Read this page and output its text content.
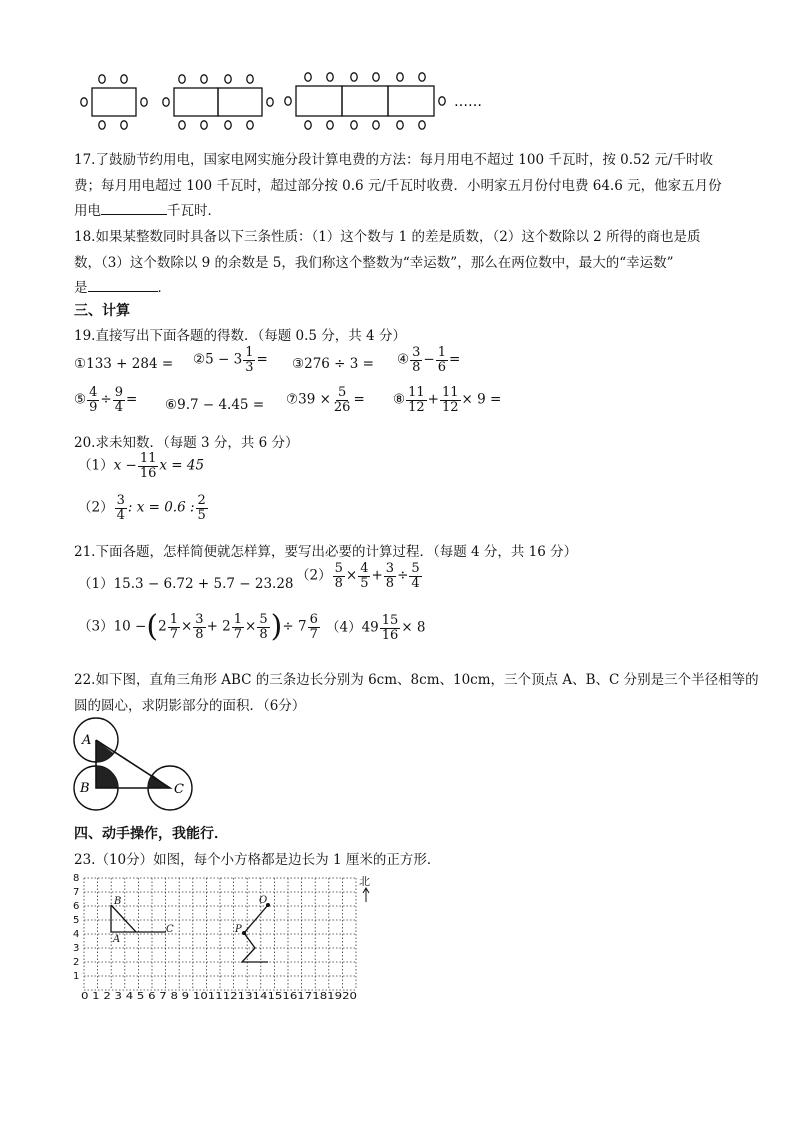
……
17.了鼓励节约用电，国家电网实施分段计算电费的方法：每月用电不超过 100 千瓦时，按 0.52 元/千时收
费；每月用电超过 100 千瓦时，超过部分按 0.6 元/千瓦时收费．小明家五月份付电费 64.6 元，他家五月份
用电	千瓦时．
18.如果某整数同时具备以下三条性质：（1）这个数与 1 的差是质数，（2）这个数除以 2 所得的商也是质
数，（3）这个数除以 9 的余数是 5，我们称这个整数为“幸运数”，那么在两位数中，最大的“幸运数”
是	．
三、计算
19.直接写出下面各题的得数．（每题 0.5 分，共 4 分）
①133 + 284 = ②5 − $3 \frac{1}{3}$ = ③276 ÷ 3 = ④ $\frac{3}{8} - \frac{1}{6}$ =
⑤ $\frac{4}{9} \div \frac{9}{4}$ = ⑥9.7 − 4.45 = ⑦39 × $\frac{5}{26}$ = ⑧ $\frac{11}{12} + \frac{11}{12} \times 9$ =
20.求未知数．（每题 3 分，共 6 分）
$(1)x - \frac{11}{16}$ x = 45
$(2) \frac{3}{4}$ : x = 0.6 : $\frac{2}{5}$
21.下面各题，怎样简便就怎样算，要写出必要的计算过程．（每题 4 分，共 16 分）
（1）15.3 − 6.72 + 5.7 − 23.28
$(2) \frac{5}{8} \times \frac{4}{5} + \frac{3}{8} \div \frac{5}{4}$
$(3)10 -(2 \frac{1}{7} \times \frac{3}{8} + 2 \frac{1}{7} \times \frac{5}{8}$ )÷ $7 \frac{6}{7} (4)49 \frac{15}{16} \times 8$
22.如下图，直角三角形 ABC 的三条边长分别为 6cm、8cm、10cm，三个顶点 A、B、C 分别是三个半径相等的
圆的圆心，求阴影部分的面积．（6分）
A
B	C
四、动手操作，我能行．
23.（10分）如图，每个小方格都是边长为 1 厘米的正方形．
8
7
6
5
4
3
2
1
0 1 2 3 4 5 6 7 8 9 1011121314151617181920
B
A
C
O
P
北
